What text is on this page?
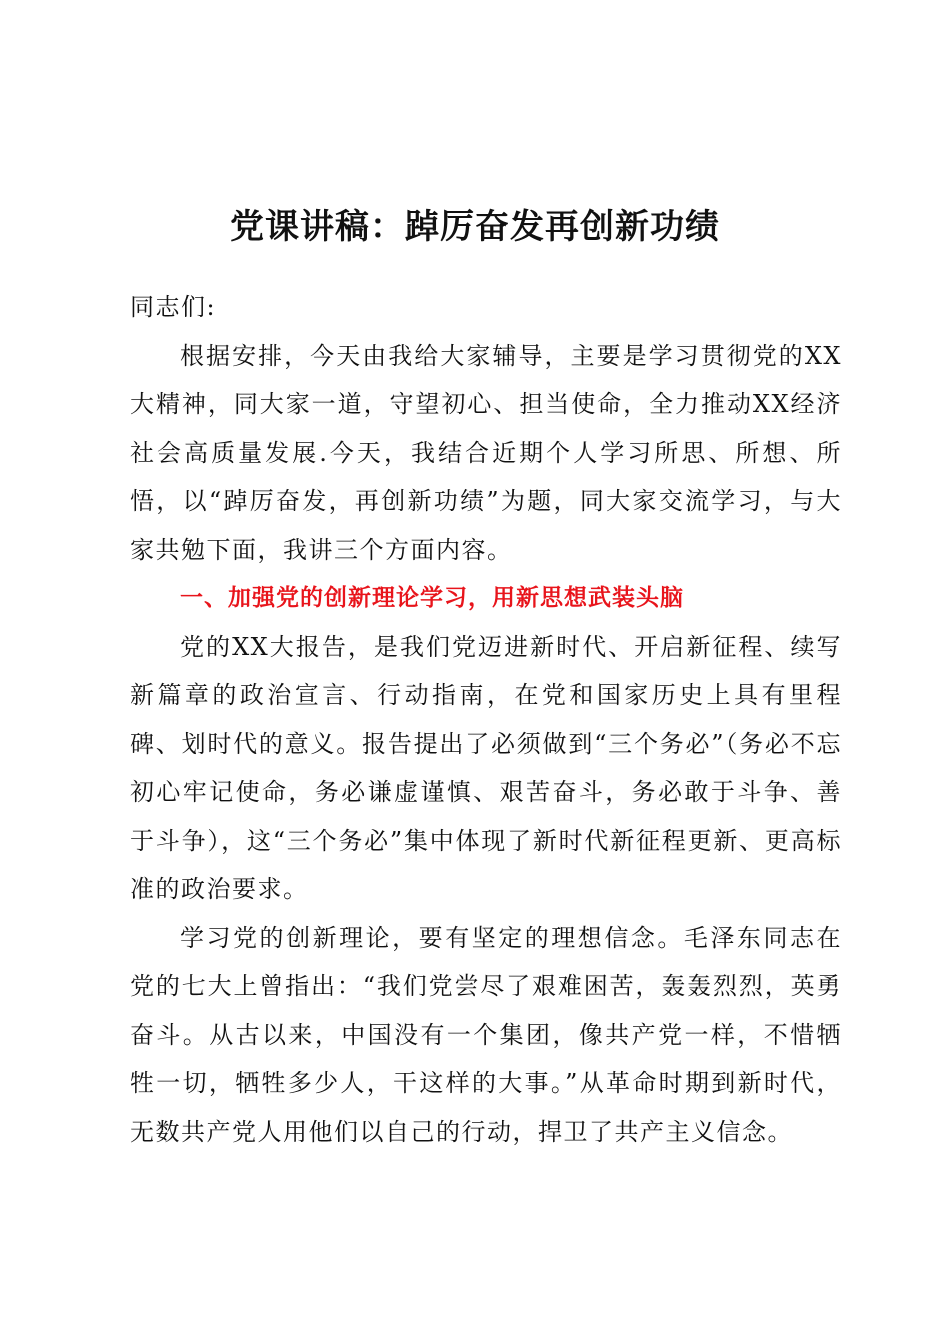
党课讲稿：踔厉奋发再创新功绩

同志们:

根据安排，今天由我给大家辅导，主要是学习贯彻党的XX大精神，同大家一道，守望初心、担当使命，全力推动XX经济社会高质量发展.今天，我结合近期个人学习所思、所想、所悟，以“踔厉奋发，再创新功绩”为题，同大家交流学习，与大家共勉下面，我讲三个方面内容。

一、加强党的创新理论学习，用新思想武装头脑

党的XX大报告，是我们党迈进新时代、开启新征程、续写新篇章的政治宣言、行动指南，在党和国家历史上具有里程碑、划时代的意义。报告提出了必须做到“三个务必”（务必不忘初心牢记使命，务必谦虚谨慎、艰苦奋斗，务必敢于斗争、善于斗争），这“三个务必”集中体现了新时代新征程更新、更高标准的政治要求。

学习党的创新理论，要有坚定的理想信念。毛泽东同志在党的七大上曾指出：“我们党尝尽了艰难困苦，轰轰烈烈，英勇奋斗。从古以来，中国没有一个集团，像共产党一样，不惜牺牲一切，牺牲多少人，干这样的大事。”从革命时期到新时代，无数共产党人用他们以自己的行动，捍卫了共产主义信念。
